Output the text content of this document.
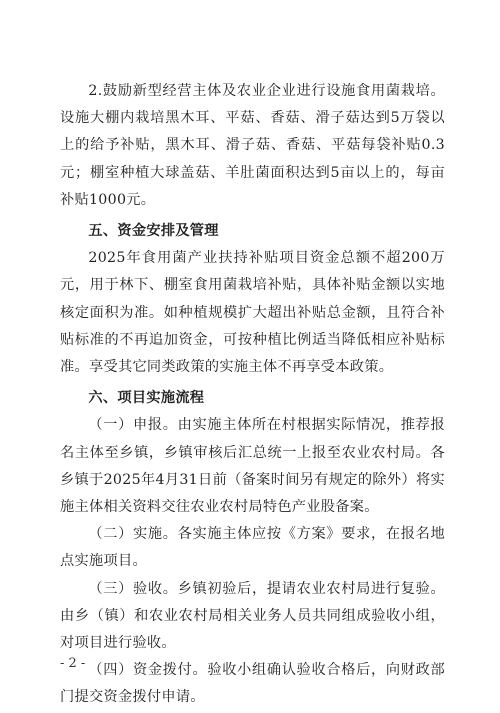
2.鼓励新型经营主体及农业企业进行设施食用菌栽培。设施大棚内栽培黑木耳、平菇、香菇、滑子菇达到5万袋以上的给予补贴，黑木耳、滑子菇、香菇、平菇每袋补贴0.3元；棚室种植大球盖菇、羊肚菌面积达到5亩以上的，每亩补贴1000元。

五、资金安排及管理

2025年食用菌产业扶持补贴项目资金总额不超200万元，用于林下、棚室食用菌栽培补贴，具体补贴金额以实地核定面积为准。如种植规模扩大超出补贴总金额，且符合补贴标准的不再追加资金，可按种植比例适当降低相应补贴标准。享受其它同类政策的实施主体不再享受本政策。

六、项目实施流程

（一）申报。由实施主体所在村根据实际情况，推荐报名主体至乡镇，乡镇审核后汇总统一上报至农业农村局。各乡镇于2025年4月31日前（备案时间另有规定的除外）将实施主体相关资料交往农业农村局特色产业股备案。

（二）实施。各实施主体应按《方案》要求，在报名地点实施项目。

（三）验收。乡镇初验后，提请农业农村局进行复验。由乡（镇）和农业农村局相关业务人员共同组成验收小组，对项目进行验收。

（四）资金拨付。验收小组确认验收合格后，向财政部门提交资金拨付申请。

- 2 -
